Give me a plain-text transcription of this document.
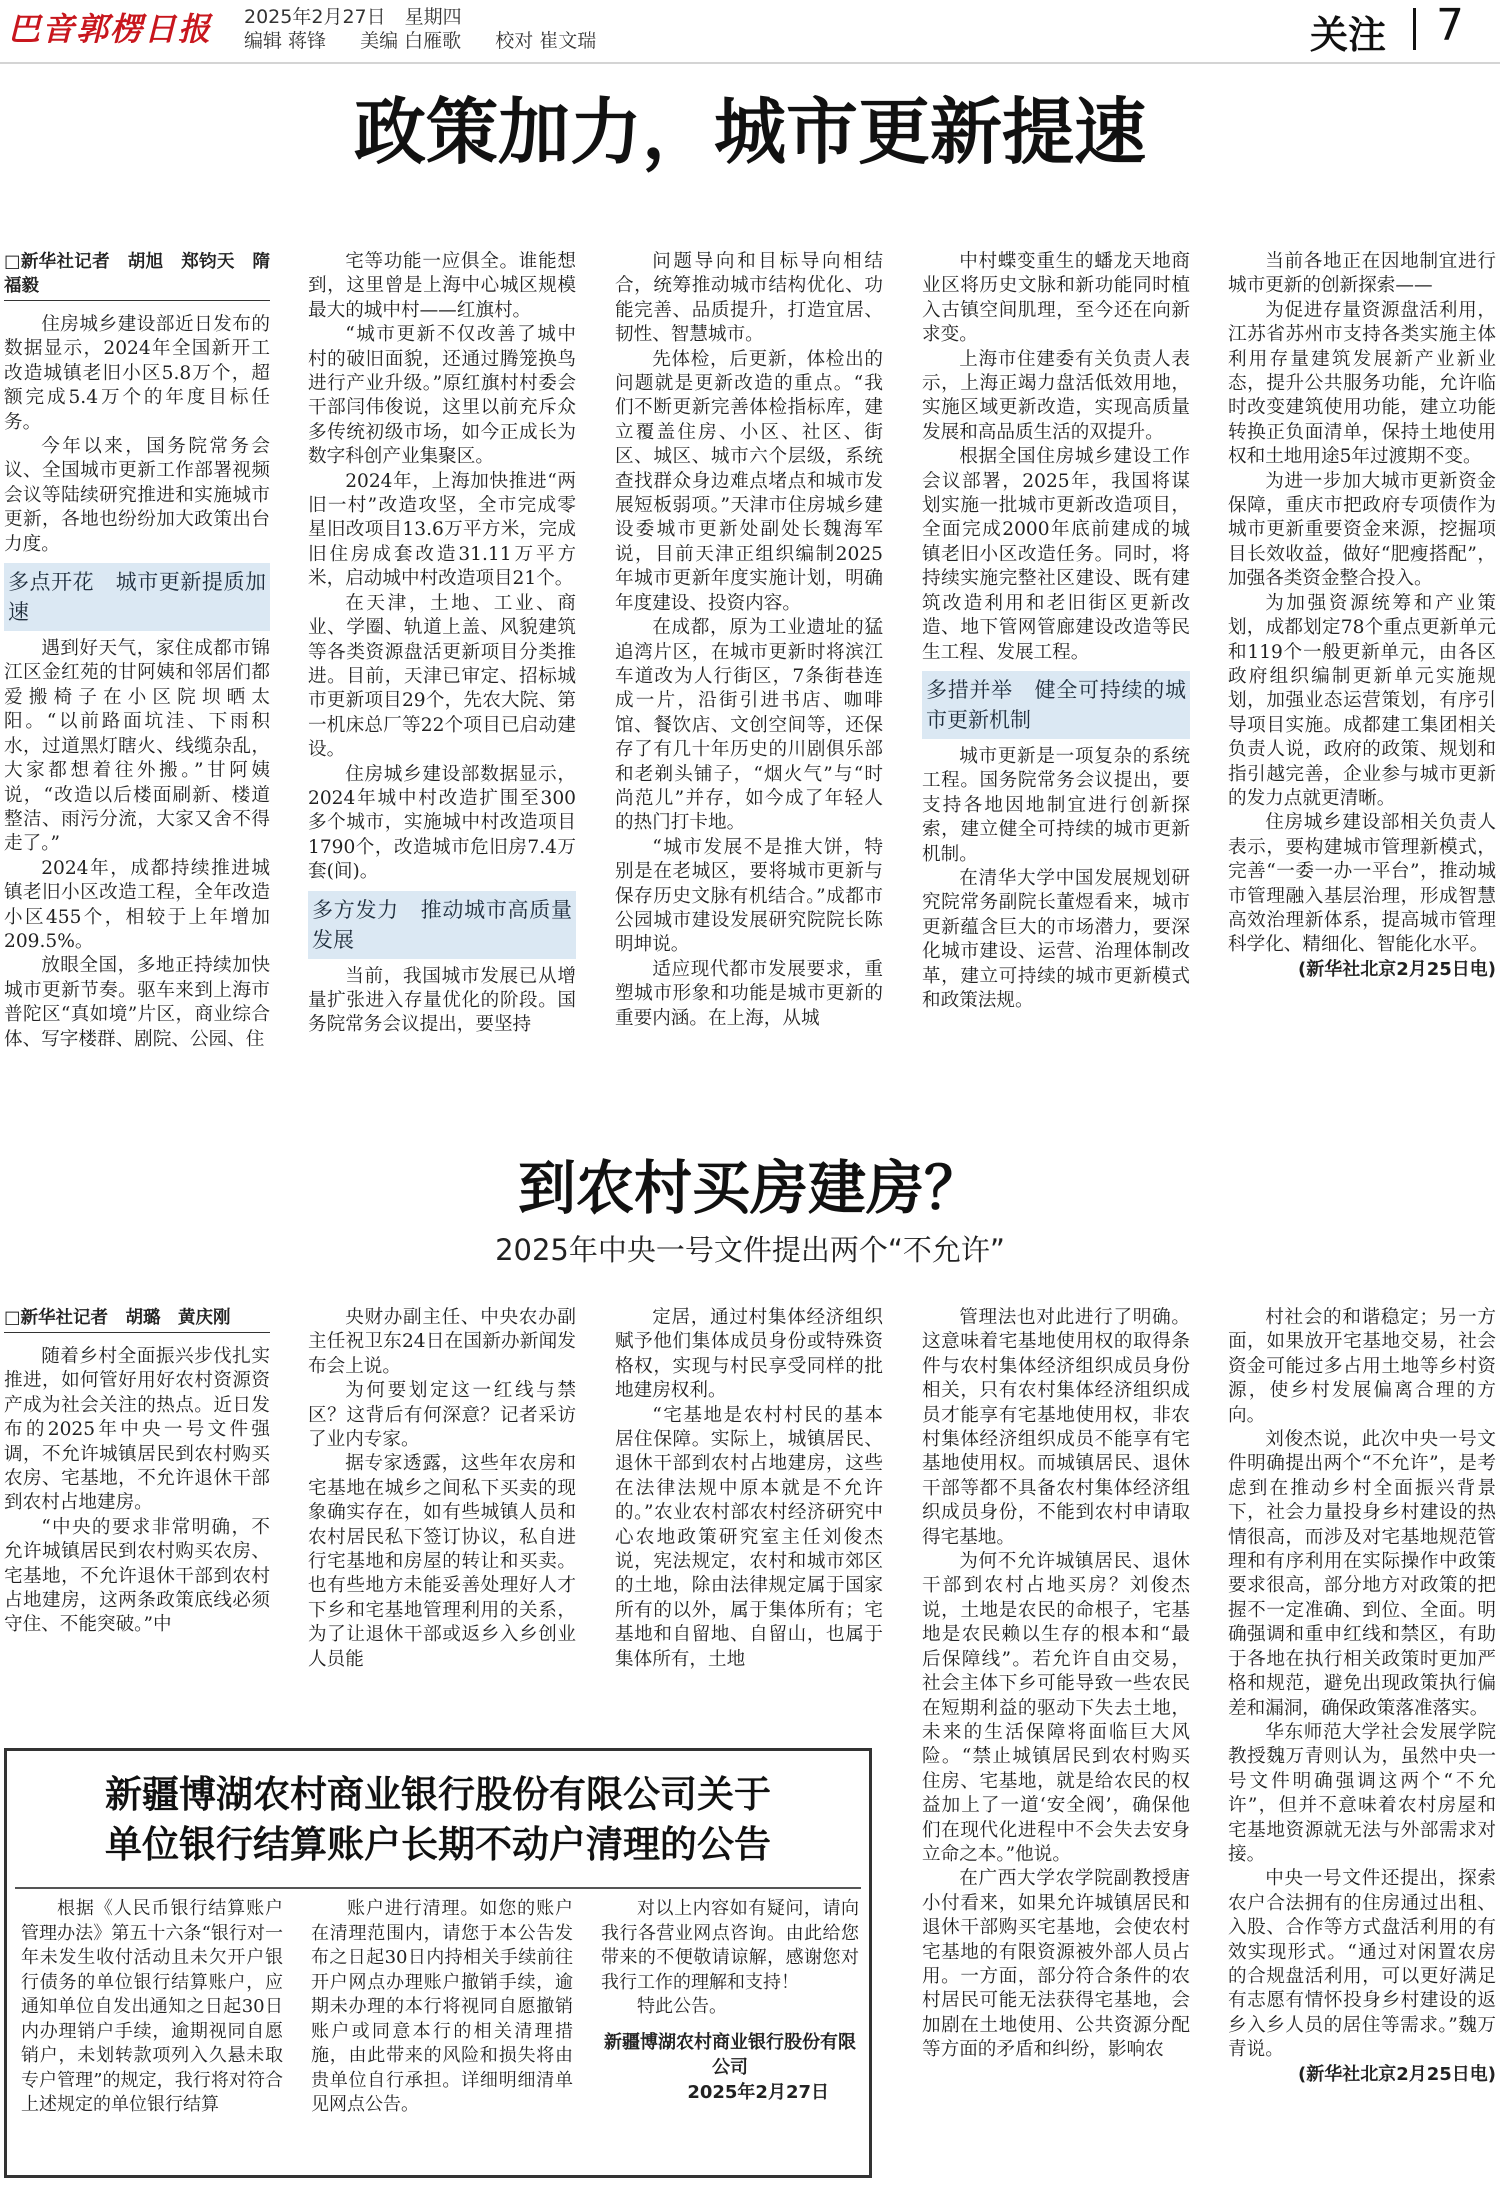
巴音郭楞日报 2025年2月27日　星期四
编辑 蒋锋 美编 白雁歌 校对 崔文瑞	关注 7
政策加力，城市更新提速
□新华社记者　胡旭　郑钧天　隋福毅

住房城乡建设部近日发布的数据显示，2024年全国新开工改造城镇老旧小区5.8万个，超额完成5.4万个的年度目标任务。

今年以来，国务院常务会议、全国城市更新工作部署视频会议等陆续研究推进和实施城市更新，各地也纷纷加大政策出台力度。

多点开花　城市更新提质加速

遇到好天气，家住成都市锦江区金红苑的甘阿姨和邻居们都爱搬椅子在小区院坝晒太阳。“以前路面坑洼、下雨积水，过道黑灯瞎火、线缆杂乱，大家都想着往外搬。”甘阿姨说，“改造以后楼面刷新、楼道整洁、雨污分流，大家又舍不得走了。”

2024年，成都持续推进城镇老旧小区改造工程，全年改造小区455个，相较于上年增加209.5%。

放眼全国，多地正持续加快城市更新节奏。驱车来到上海市普陀区“真如境”片区，商业综合体、写字楼群、剧院、公园、住

宅等功能一应俱全。谁能想到，这里曾是上海中心城区规模最大的城中村——红旗村。

“城市更新不仅改善了城中村的破旧面貌，还通过腾笼换鸟进行产业升级。”原红旗村村委会干部闫伟俊说，这里以前充斥众多传统初级市场，如今正成长为数字科创产业集聚区。

2024年，上海加快推进“两旧一村”改造攻坚，全市完成零星旧改项目13.6万平方米，完成旧住房成套改造31.11万平方米，启动城中村改造项目21个。

在天津，土地、工业、商业、学圈、轨道上盖、风貌建筑等各类资源盘活更新项目分类推进。目前，天津已审定、招标城市更新项目29个，先农大院、第一机床总厂等22个项目已启动建设。

住房城乡建设部数据显示，2024年城中村改造扩围至300多个城市，实施城中村改造项目1790个，改造城市危旧房7.4万套(间)。

多方发力　推动城市高质量发展

当前，我国城市发展已从增量扩张进入存量优化的阶段。国务院常务会议提出，要坚持

问题导向和目标导向相结合，统筹推动城市结构优化、功能完善、品质提升，打造宜居、韧性、智慧城市。

先体检，后更新，体检出的问题就是更新改造的重点。“我们不断更新完善体检指标库，建立覆盖住房、小区、社区、街区、城区、城市六个层级，系统查找群众身边难点堵点和城市发展短板弱项。”天津市住房城乡建设委城市更新处副处长魏海军说，目前天津正组织编制2025年城市更新年度实施计划，明确年度建设、投资内容。

在成都，原为工业遗址的猛追湾片区，在城市更新时将滨江车道改为人行街区，7条街巷连成一片，沿街引进书店、咖啡馆、餐饮店、文创空间等，还保存了有几十年历史的川剧俱乐部和老剃头铺子，“烟火气”与“时尚范儿”并存，如今成了年轻人的热门打卡地。

“城市发展不是推大饼，特别是在老城区，要将城市更新与保存历史文脉有机结合。”成都市公园城市建设发展研究院院长陈明坤说。

适应现代都市发展要求，重塑城市形象和功能是城市更新的重要内涵。在上海，从城

中村蝶变重生的蟠龙天地商业区将历史文脉和新功能同时植入古镇空间肌理，至今还在向新求变。

上海市住建委有关负责人表示，上海正竭力盘活低效用地，实施区域更新改造，实现高质量发展和高品质生活的双提升。

根据全国住房城乡建设工作会议部署，2025年，我国将谋划实施一批城市更新改造项目，全面完成2000年底前建成的城镇老旧小区改造任务。同时，将持续实施完整社区建设、既有建筑改造利用和老旧街区更新改造、地下管网管廊建设改造等民生工程、发展工程。

多措并举　健全可持续的城市更新机制

城市更新是一项复杂的系统工程。国务院常务会议提出，要支持各地因地制宜进行创新探索，建立健全可持续的城市更新机制。

在清华大学中国发展规划研究院常务副院长董煜看来，城市更新蕴含巨大的市场潜力，要深化城市建设、运营、治理体制改革，建立可持续的城市更新模式和政策法规。

当前各地正在因地制宜进行城市更新的创新探索——

为促进存量资源盘活利用，江苏省苏州市支持各类实施主体利用存量建筑发展新产业新业态，提升公共服务功能，允许临时改变建筑使用功能，建立功能转换正负面清单，保持土地使用权和土地用途5年过渡期不变。

为进一步加大城市更新资金保障，重庆市把政府专项债作为城市更新重要资金来源，挖掘项目长效收益，做好“肥瘦搭配”，加强各类资金整合投入。

为加强资源统筹和产业策划，成都划定78个重点更新单元和119个一般更新单元，由各区政府组织编制更新单元实施规划，加强业态运营策划，有序引导项目实施。成都建工集团相关负责人说，政府的政策、规划和指引越完善，企业参与城市更新的发力点就更清晰。

住房城乡建设部相关负责人表示，要构建城市管理新模式，完善“一委一办一平台”，推动城市管理融入基层治理，形成智慧高效治理新体系，提高城市管理科学化、精细化、智能化水平。

(新华社北京2月25日电)
到农村买房建房？
2025年中央一号文件提出两个“不允许”
□新华社记者　胡璐　黄庆刚

随着乡村全面振兴步伐扎实推进，如何管好用好农村资源资产成为社会关注的热点。近日发布的2025年中央一号文件强调，不允许城镇居民到农村购买农房、宅基地，不允许退休干部到农村占地建房。

“中央的要求非常明确，不允许城镇居民到农村购买农房、宅基地，不允许退休干部到农村占地建房，这两条政策底线必须守住、不能突破。”中

央财办副主任、中央农办副主任祝卫东24日在国新办新闻发布会上说。

为何要划定这一红线与禁区？这背后有何深意？记者采访了业内专家。

据专家透露，这些年农房和宅基地在城乡之间私下买卖的现象确实存在，如有些城镇人员和农村居民私下签订协议，私自进行宅基地和房屋的转让和买卖。也有些地方未能妥善处理好人才下乡和宅基地管理利用的关系，为了让退休干部或返乡入乡创业人员能

定居，通过村集体经济组织赋予他们集体成员身份或特殊资格权，实现与村民享受同样的批地建房权利。

“宅基地是农村村民的基本居住保障。实际上，城镇居民、退休干部到农村占地建房，这些在法律法规中原本就是不允许的。”农业农村部农村经济研究中心农地政策研究室主任刘俊杰说，宪法规定，农村和城市郊区的土地，除由法律规定属于国家所有的以外，属于集体所有；宅基地和自留地、自留山，也属于集体所有，土地

管理法也对此进行了明确。这意味着宅基地使用权的取得条件与农村集体经济组织成员身份相关，只有农村集体经济组织成员才能享有宅基地使用权，非农村集体经济组织成员不能享有宅基地使用权。而城镇居民、退休干部等都不具备农村集体经济组织成员身份，不能到农村申请取得宅基地。

为何不允许城镇居民、退休干部到农村占地买房？刘俊杰说，土地是农民的命根子，宅基地是农民赖以生存的根本和“最后保障线”。若允许自由交易，社会主体下乡可能导致一些农民在短期利益的驱动下失去土地，未来的生活保障将面临巨大风险。“禁止城镇居民到农村购买住房、宅基地，就是给农民的权益加上了一道‘安全阀’，确保他们在现代化进程中不会失去安身立命之本。”他说。

在广西大学农学院副教授唐小付看来，如果允许城镇居民和退休干部购买宅基地，会使农村宅基地的有限资源被外部人员占用。一方面，部分符合条件的农村居民可能无法获得宅基地，会加剧在土地使用、公共资源分配等方面的矛盾和纠纷，影响农

村社会的和谐稳定；另一方面，如果放开宅基地交易，社会资金可能过多占用土地等乡村资源，使乡村发展偏离合理的方向。

刘俊杰说，此次中央一号文件明确提出两个“不允许”，是考虑到在推动乡村全面振兴背景下，社会力量投身乡村建设的热情很高，而涉及对宅基地规范管理和有序利用在实际操作中政策要求很高，部分地方对政策的把握不一定准确、到位、全面。明确强调和重申红线和禁区，有助于各地在执行相关政策时更加严格和规范，避免出现政策执行偏差和漏洞，确保政策落准落实。

华东师范大学社会发展学院教授魏万青则认为，虽然中央一号文件明确强调这两个“不允许”，但并不意味着农村房屋和宅基地资源就无法与外部需求对接。

中央一号文件还提出，探索农户合法拥有的住房通过出租、入股、合作等方式盘活利用的有效实现形式。“通过对闲置农房的合规盘活利用，可以更好满足有志愿有情怀投身乡村建设的返乡入乡人员的居住等需求。”魏万青说。

(新华社北京2月25日电)
新疆博湖农村商业银行股份有限公司关于
单位银行结算账户长期不动户清理的公告

根据《人民币银行结算账户管理办法》第五十六条“银行对一年未发生收付活动且未欠开户银行债务的单位银行结算账户，应通知单位自发出通知之日起30日内办理销户手续，逾期视同自愿销户，未划转款项列入久悬未取专户管理”的规定，我行将对符合上述规定的单位银行结算

账户进行清理。如您的账户在清理范围内，请您于本公告发布之日起30日内持相关手续前往开户网点办理账户撤销手续，逾期未办理的本行将视同自愿撤销账户或同意本行的相关清理措施，由此带来的风险和损失将由贵单位自行承担。详细明细清单见网点公告。

对以上内容如有疑问，请向我行各营业网点咨询。由此给您带来的不便敬请谅解，感谢您对我行工作的理解和支持！

特此公告。

新疆博湖农村商业银行股份有限公司
2025年2月27日
